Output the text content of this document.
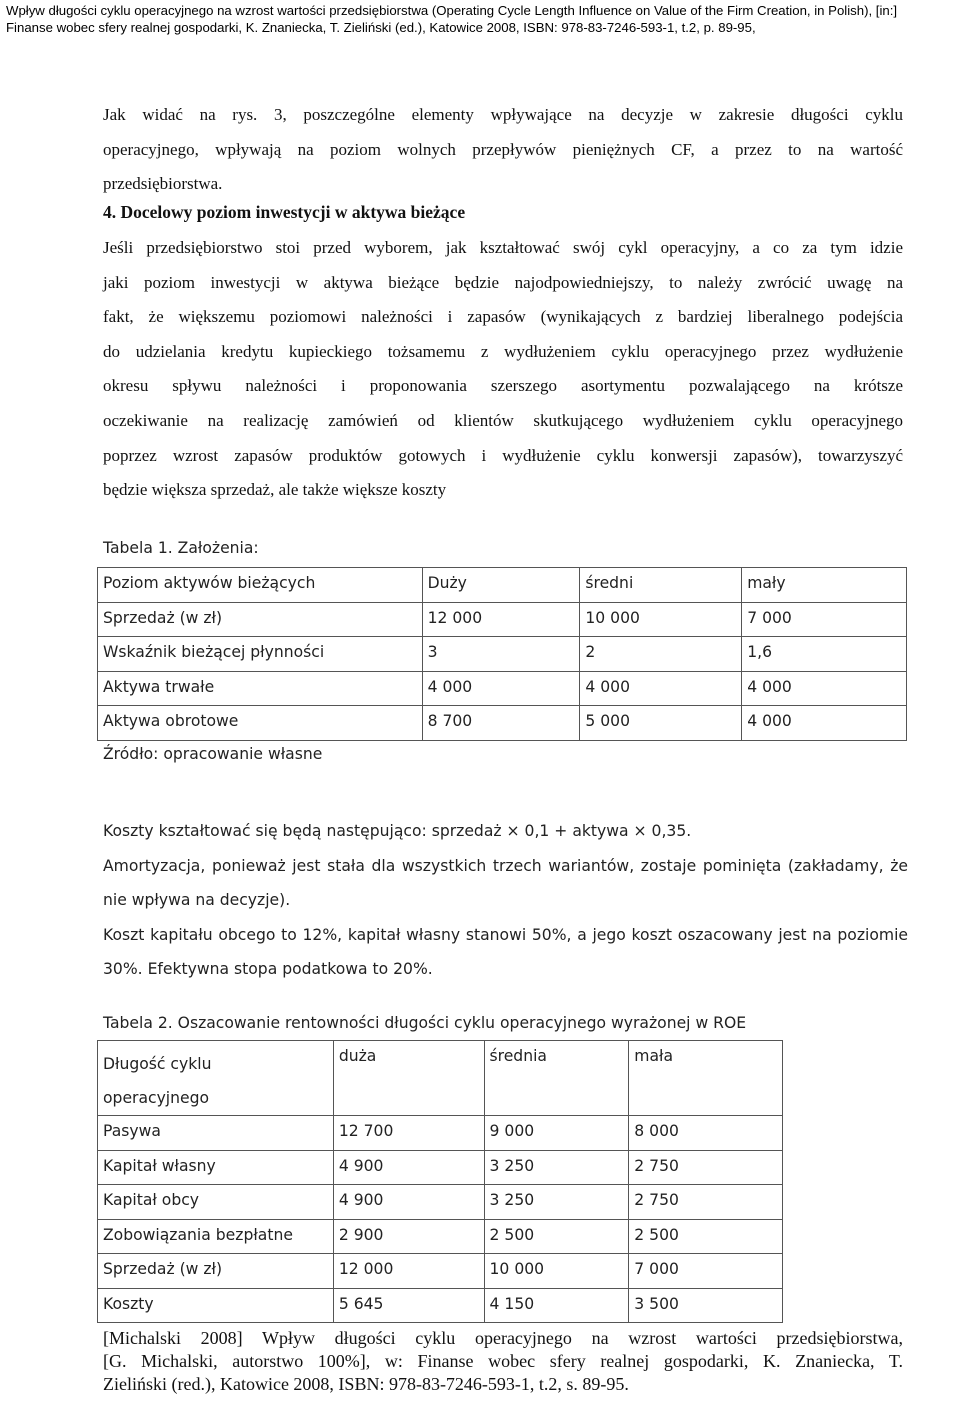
Wpływ długości cyklu operacyjnego na wzrost wartości przedsiębiorstwa (Operating Cycle Length Influence on Value of the Firm Creation, in Polish), [in:]
Finanse wobec sfery realnej gospodarki, K. Znaniecka, T. Zieliński (ed.), Katowice 2008, ISBN: 978-83-7246-593-1, t.2, p. 89-95,
Jak widać na rys. 3, poszczególne elementy wpływające na decyzje w zakresie długości cyklu
operacyjnego, wpływają na poziom wolnych przepływów pieniężnych CF, a przez to na wartość
przedsiębiorstwa.
4. Docelowy poziom inwestycji w aktywa bieżące
Jeśli przedsiębiorstwo stoi przed wyborem, jak kształtować swój cykl operacyjny, a co za tym idzie
jaki poziom inwestycji w aktywa bieżące będzie najodpowiedniejszy, to należy zwrócić uwagę na
fakt, że większemu poziomowi należności i zapasów (wynikających z bardziej liberalnego podejścia
do udzielania kredytu kupieckiego tożsamemu z wydłużeniem cyklu operacyjnego przez wydłużenie
okresu spływu należności i proponowania szerszego asortymentu pozwalającego na krótsze
oczekiwanie na realizację zamówień od klientów skutkującego wydłużeniem cyklu operacyjnego
poprzez wzrost zapasów produktów gotowych i wydłużenie cyklu konwersji zapasów), towarzyszyć
będzie większa sprzedaż, ale także większe koszty
Tabela 1. Założenia:
Poziom aktywów bieżących	Duży	średni	mały
Sprzedaż (w zł)	12 000	10 000	7 000
Wskaźnik bieżącej płynności	3	2	1,6
Aktywa trwałe	4 000	4 000	4 000
Aktywa obrotowe	8 700	5 000	4 000
Źródło: opracowanie własne
Koszty kształtować się będą następująco: sprzedaż × 0,1 + aktywa × 0,35.
Amortyzacja, ponieważ jest stała dla wszystkich trzech wariantów, zostaje pominięta (zakładamy, że
nie wpływa na decyzje).
Koszt kapitału obcego to 12%, kapitał własny stanowi 50%, a jego koszt oszacowany jest na poziomie
30%. Efektywna stopa podatkowa to 20%.
Tabela 2. Oszacowanie rentowności długości cyklu operacyjnego wyrażonej w ROE
Długość cyklu operacyjnego	duża	średnia	mała
Pasywa	12 700	9 000	8 000
Kapitał własny	4 900	3 250	2 750
Kapitał obcy	4 900	3 250	2 750
Zobowiązania bezpłatne	2 900	2 500	2 500
Sprzedaż (w zł)	12 000	10 000	7 000
Koszty	5 645	4 150	3 500
[Michalski 2008] Wpływ długości cyklu operacyjnego na wzrost wartości przedsiębiorstwa,
[G. Michalski, autorstwo 100%], w: Finanse wobec sfery realnej gospodarki, K. Znaniecka, T.
Zieliński (red.), Katowice 2008, ISBN: 978-83-7246-593-1, t.2, s. 89-95.
